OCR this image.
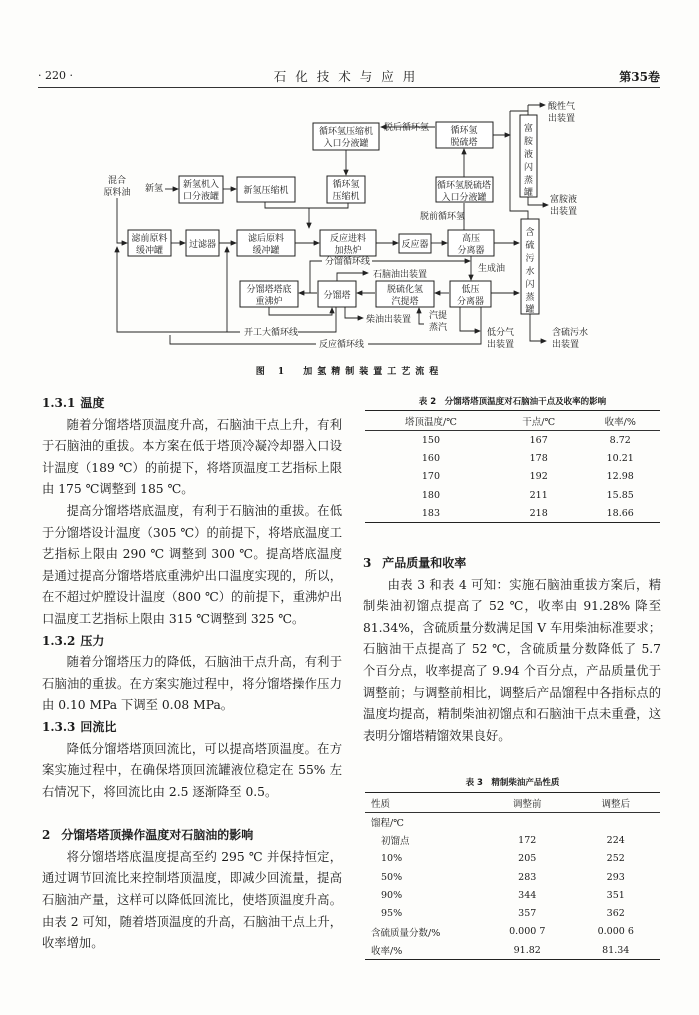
· 220 ·	石化技术与应用	第35卷
循环氢压缩机
入口分液罐
循环氢
脱硫塔
混合
原料油 新氢 新氢机入
口分液罐
新氢压缩机
循环氢
压缩机
循环氢脱硫塔
入口分液罐
富
胺
液
闪
蒸
罐
含
硫
污
水
闪
蒸
罐
滤前原料
缓冲罐
过滤器
滤后原料
缓冲罐
反应进料
加热炉
反应器
高压
分离器
分馏塔塔底
重沸炉
分馏塔
脱硫化氢
汽提塔
低压
分离器
脱后循环氢
脱前循环氢
酸性气
出装置
富胺液
出装置
分馏循环线
石脑油出装置
生成油
柴油出装置 汽提
蒸汽	低分气
出装置
含硫污水
出装置
开工大循环线
反应循环线
图 1　加氢精制装置工艺流程
1.3.1 温度

随着分馏塔塔顶温度升高，石脑油干点上升，有利于石脑油的重拔。本方案在低于塔顶冷凝冷却器入口设计温度（189 ℃）的前提下，将塔顶温度工艺指标上限由 175 ℃调整到 185 ℃。

提高分馏塔塔底温度，有利于石脑油的重拔。在低于分馏塔设计温度（305 ℃）的前提下，将塔底温度工艺指标上限由 290 ℃ 调整到 300 ℃。提高塔底温度是通过提高分馏塔塔底重沸炉出口温度实现的，所以，在不超过炉膛设计温度（800 ℃）的前提下，重沸炉出口温度工艺指标上限由 315 ℃调整到 325 ℃。

1.3.2 压力

随着分馏塔压力的降低，石脑油干点升高，有利于石脑油的重拔。在方案实施过程中，将分馏塔操作压力由 0.10 MPa 下调至 0.08 MPa。

1.3.3 回流比

降低分馏塔塔顶回流比，可以提高塔顶温度。在方案实施过程中，在确保塔顶回流罐液位稳定在 55% 左右情况下，将回流比由 2.5 逐渐降至 0.5。

2 分馏塔塔顶操作温度对石脑油的影响

将分馏塔塔底温度提高至约 295 ℃ 并保持恒定，通过调节回流比来控制塔顶温度，即减少回流量，提高石脑油产量，这样可以降低回流比，使塔顶温度升高。由表 2 可知，随着塔顶温度的升高，石脑油干点上升，收率增加。

表 2　分馏塔塔顶温度对石脑油干点及收率的影响
塔顶温度/℃	干点/℃	收率/%
150	167	8.72
160	178	10.21
170	192	12.98
180	211	15.85
183	218	18.66
3 产品质量和收率

由表 3 和表 4 可知：实施石脑油重拔方案后，精制柴油初馏点提高了 52 ℃，收率由 91.28% 降至 81.34%，含硫质量分数满足国 V 车用柴油标准要求；石脑油干点提高了 52 ℃，含硫质量分数降低了 5.7 个百分点，收率提高了 9.94 个百分点，产品质量优于调整前；与调整前相比，调整后产品馏程中各指标点的温度均提高，精制柴油初馏点和石脑油干点未重叠，这表明分馏塔精馏效果良好。

表 3　精制柴油产品性质
性质	调整前	调整后
馏程/℃		
初馏点	172	224
10%	205	252
50%	283	293
90%	344	351
95%	357	362
含硫质量分数/%	0.000 7	0.000 6
收率/%	91.82	81.34
